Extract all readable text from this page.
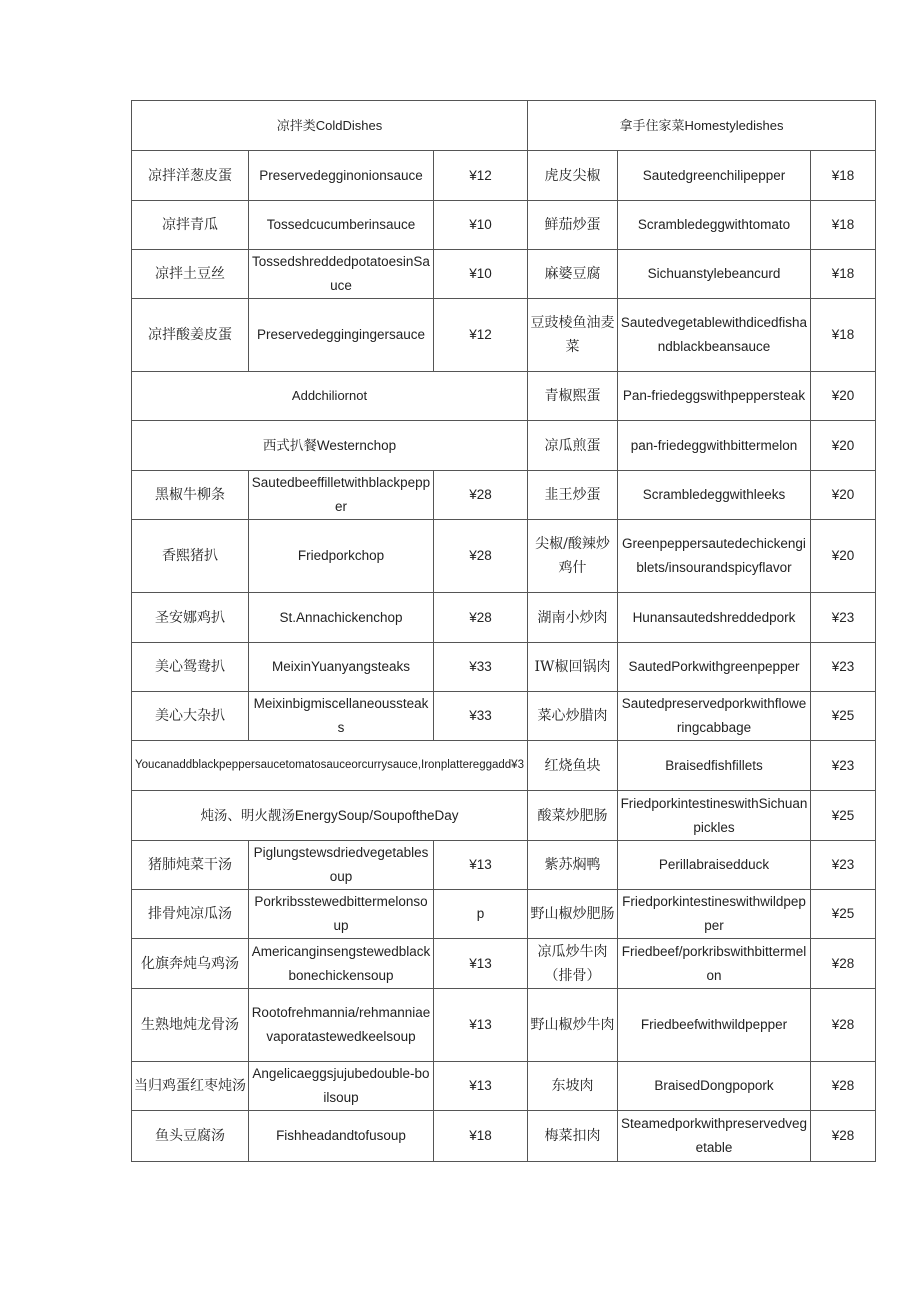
凉拌类ColdDishes			拿手住家菜Homestyledishes		
凉拌洋葱皮蛋	Preservedegginonionsauce	¥12	虎皮尖椒	Sautedgreenchilipepper	¥18
凉拌青瓜	Tossedcucumberinsauce	¥10	鲜茄炒蛋	Scrambledeggwithtomato	¥18
凉拌土豆丝	TossedshreddedpotatoesinSauce	¥10	麻婆豆腐	Sichuanstylebeancurd	¥18
凉拌酸姜皮蛋	Preservedeggingingersauce	¥12	豆豉棱鱼油麦菜	Sautedvegetablewithdicedfishandblackbeansauce	¥18
Addchiliornot			青椒熙蛋	Pan-friedeggswithpeppersteak	¥20
西式扒餐Westernchop			凉瓜煎蛋	pan-friedeggwithbittermelon	¥20
黑椒牛柳条	Sautedbeeffilletwithblackpepper	¥28	韭王炒蛋	Scrambledeggwithleeks	¥20
香熙猪扒	Friedporkchop	¥28	尖椒/酸辣炒鸡什	Greenpeppersautedechickengiblets/insourandspicyflavor	¥20
圣安娜鸡扒	St.Annachickenchop	¥28	湖南小炒肉	Hunansautedshreddedpork	¥23
美心鸳鸯扒	MeixinYuanyangsteaks	¥33	IW椒回锅肉	SautedPorkwithgreenpepper	¥23
美心大杂扒	Meixinbigmiscellaneoussteaks	¥33	菜心炒腊肉	Sautedpreservedporkwithfloweringcabbage	¥25
Youcanaddblackpeppersaucetomatosauceorcurrysauce,Ironplattereggadd¥3			红烧鱼块	Braisedfishfillets	¥23
炖汤、明火靓汤EnergySoup/SoupoftheDay			酸菜炒肥肠	FriedporkintestineswithSichuanpickles	¥25
猪肺炖菜干汤	Piglungstewsdriedvegetablesoup	¥13	紫苏焖鸭	Perillabraisedduck	¥23
排骨炖凉瓜汤	Porkribsstewedbittermelonsoup	p	野山椒炒肥肠	Friedporkintestineswithwildpepper	¥25
化旗奔炖乌鸡汤	Americanginsengstewedblackbonechickensoup	¥13	凉瓜炒牛肉（排骨）	Friedbeef/porkribswithbittermelon	¥28
生熟地炖龙骨汤	Rootofrehmannia/rehmanniaevaporatastewedkeelsoup	¥13	野山椒炒牛肉	Friedbeefwithwildpepper	¥28
当归鸡蛋红枣炖汤	Angelicaeggsjujubedouble-boilsoup	¥13	东坡肉	BraisedDongpopork	¥28
鱼头豆腐汤	Fishheadandtofusoup	¥18	梅菜扣肉	Steamedporkwithpreservedvegetable	¥28
